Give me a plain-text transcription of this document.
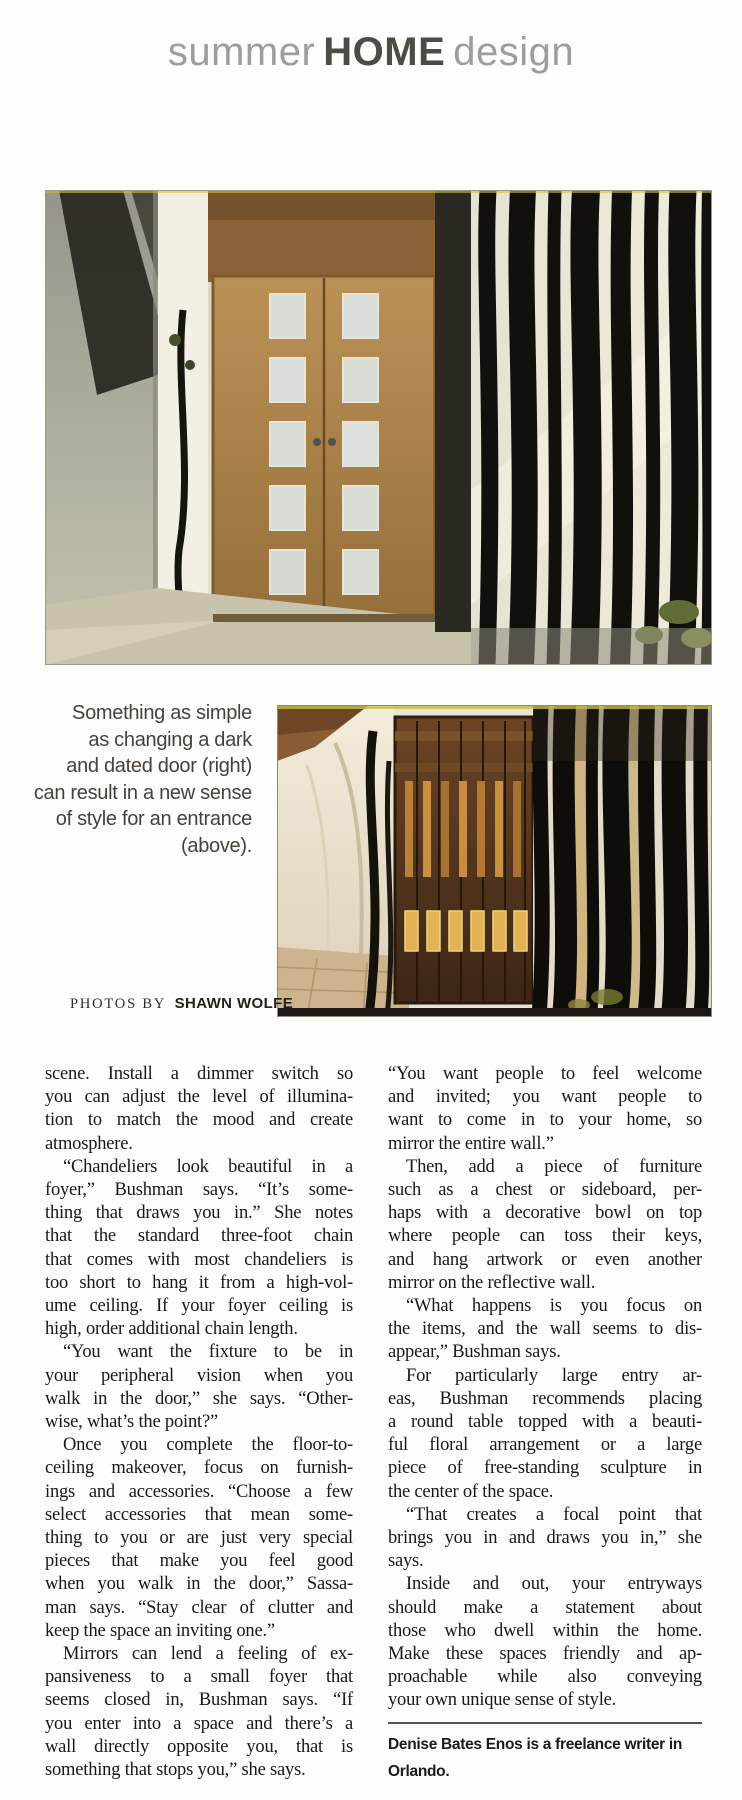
summer HOME design
Something as simple
as changing a dark
and dated door (right)
can result in a new sense
of style for an entrance
(above).
PHOTOS BY SHAWN WOLFE
scene. Install a dimmer switch so
you can adjust the level of illumina-
tion to match the mood and create
atmosphere.
“Chandeliers look beautiful in a
foyer,” Bushman says. “It’s some-
thing that draws you in.” She notes
that the standard three-foot chain
that comes with most chandeliers is
too short to hang it from a high-vol-
ume ceiling. If your foyer ceiling is
high, order additional chain length.
“You want the fixture to be in
your peripheral vision when you
walk in the door,” she says. “Other-
wise, what’s the point?”
Once you complete the floor-to-
ceiling makeover, focus on furnish-
ings and accessories. “Choose a few
select accessories that mean some-
thing to you or are just very special
pieces that make you feel good
when you walk in the door,” Sassa-
man says. “Stay clear of clutter and
keep the space an inviting one.”
Mirrors can lend a feeling of ex-
pansiveness to a small foyer that
seems closed in, Bushman says. “If
you enter into a space and there’s a
wall directly opposite you, that is
something that stops you,” she says.
“You want people to feel welcome
and invited; you want people to
want to come in to your home, so
mirror the entire wall.”
Then, add a piece of furniture
such as a chest or sideboard, per-
haps with a decorative bowl on top
where people can toss their keys,
and hang artwork or even another
mirror on the reflective wall.
“What happens is you focus on
the items, and the wall seems to dis-
appear,” Bushman says.
For particularly large entry ar-
eas, Bushman recommends placing
a round table topped with a beauti-
ful floral arrangement or a large
piece of free-standing sculpture in
the center of the space.
“That creates a focal point that
brings you in and draws you in,” she
says.
Inside and out, your entryways
should make a statement about
those who dwell within the home.
Make these spaces friendly and ap-
proachable while also conveying
your own unique sense of style.
Denise Bates Enos is a freelance writer in
Orlando.
